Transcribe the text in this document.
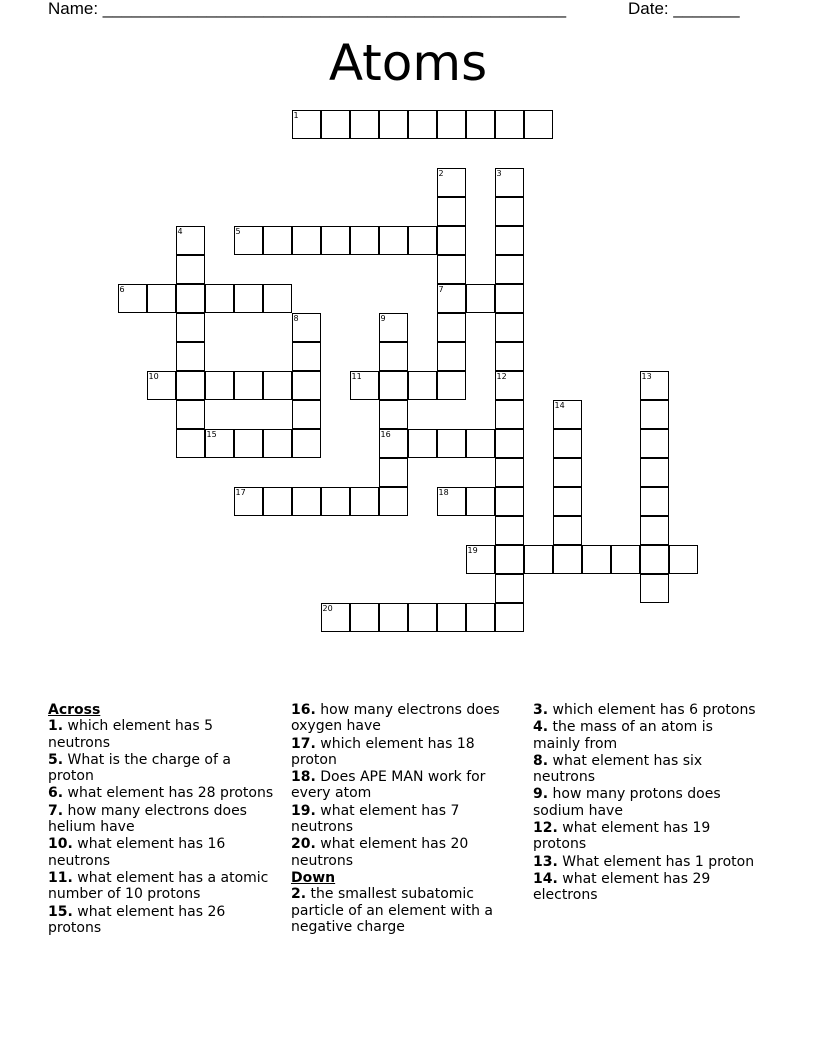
Name: _________________________________________________	Date: _______
Atoms
1
5
6	7
10	11
15	16
17	18
19
20
2	3
4
8	9
12	13
14
Across
1. which element has 5 neutrons
5. What is the charge of a proton
6. what element has 28 protons
7. how many electrons does helium have
10. what element has 16 neutrons
11. what element has a atomic number of 10 protons
15. what element has 26 protons
16. how many electrons does oxygen have
17. which element has 18 proton
18. Does APE MAN work for every atom
19. what element has 7 neutrons
20. what element has 20 neutrons
Down
2. the smallest subatomic particle of an element with a negative charge
3. which element has 6 protons
4. the mass of an atom is mainly from
8. what element has six neutrons
9. how many protons does sodium have
12. what element has 19 protons
13. What element has 1 proton
14. what element has 29 electrons
